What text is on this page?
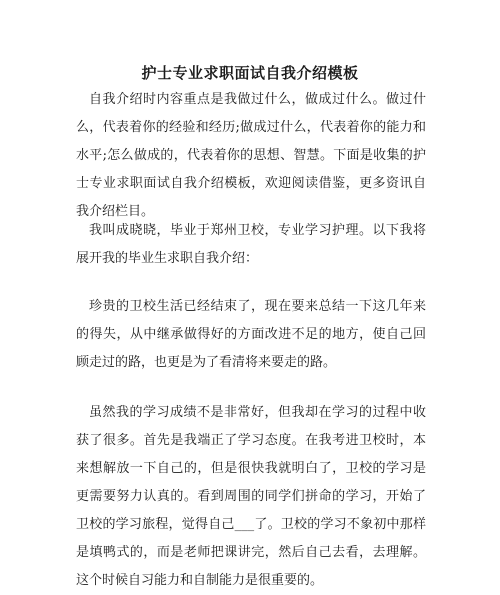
护士专业求职面试自我介绍模板

自我介绍时内容重点是我做过什么，做成过什么。做过什么，代表着你的经验和经历;做成过什么，代表着你的能力和水平;怎么做成的，代表着你的思想、智慧。下面是收集的护士专业求职面试自我介绍模板，欢迎阅读借鉴，更多资讯自我介绍栏目。

我叫成晓晓，毕业于郑州卫校，专业学习护理。以下我将展开我的毕业生求职自我介绍：

珍贵的卫校生活已经结束了，现在要来总结一下这几年来的得失，从中继承做得好的方面改进不足的地方，使自己回顾走过的路，也更是为了看清将来要走的路。

虽然我的学习成绩不是非常好，但我却在学习的过程中收获了很多。首先是我端正了学习态度。在我考进卫校时，本来想解放一下自己的，但是很快我就明白了，卫校的学习是更需要努力认真的。看到周围的同学们拼命的学习，开始了卫校的学习旅程，觉得自己___了。卫校的学习不象初中那样是填鸭式的，而是老师把课讲完，然后自己去看，去理解。这个时候自习能力和自制能力是很重要的。
